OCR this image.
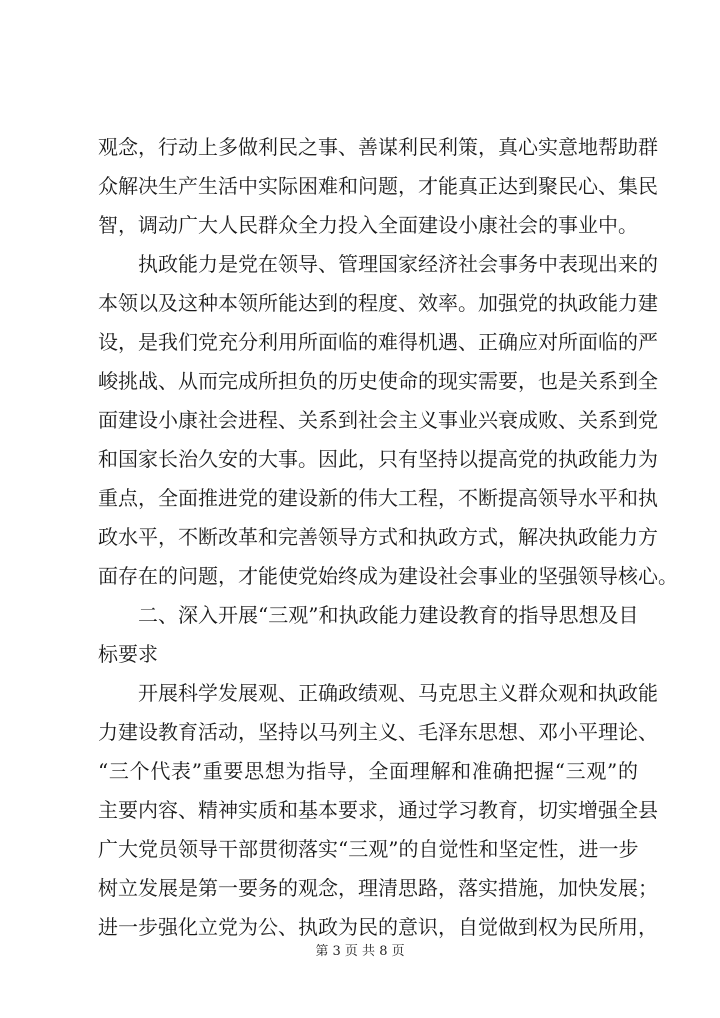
观念，行动上多做利民之事、善谋利民利策，真心实意地帮助群
众解决生产生活中实际困难和问题，才能真正达到聚民心、集民
智，调动广大人民群众全力投入全面建设小康社会的事业中。
执政能力是党在领导、管理国家经济社会事务中表现出来的
本领以及这种本领所能达到的程度、效率。加强党的执政能力建
设，是我们党充分利用所面临的难得机遇、正确应对所面临的严
峻挑战、从而完成所担负的历史使命的现实需要，也是关系到全
面建设小康社会进程、关系到社会主义事业兴衰成败、关系到党
和国家长治久安的大事。因此，只有坚持以提高党的执政能力为
重点，全面推进党的建设新的伟大工程，不断提高领导水平和执
政水平，不断改革和完善领导方式和执政方式，解决执政能力方
面存在的问题，才能使党始终成为建设社会事业的坚强领导核心。
二、深入开展“三观”和执政能力建设教育的指导思想及目
标要求
开展科学发展观、正确政绩观、马克思主义群众观和执政能
力建设教育活动，坚持以马列主义、毛泽东思想、邓小平理论、
“三个代表”重要思想为指导，全面理解和准确把握“三观”的
主要内容、精神实质和基本要求，通过学习教育，切实增强全县
广大党员领导干部贯彻落实“三观”的自觉性和坚定性，进一步
树立发展是第一要务的观念，理清思路，落实措施，加快发展；
进一步强化立党为公、执政为民的意识，自觉做到权为民所用，
第 3 页 共 8 页
